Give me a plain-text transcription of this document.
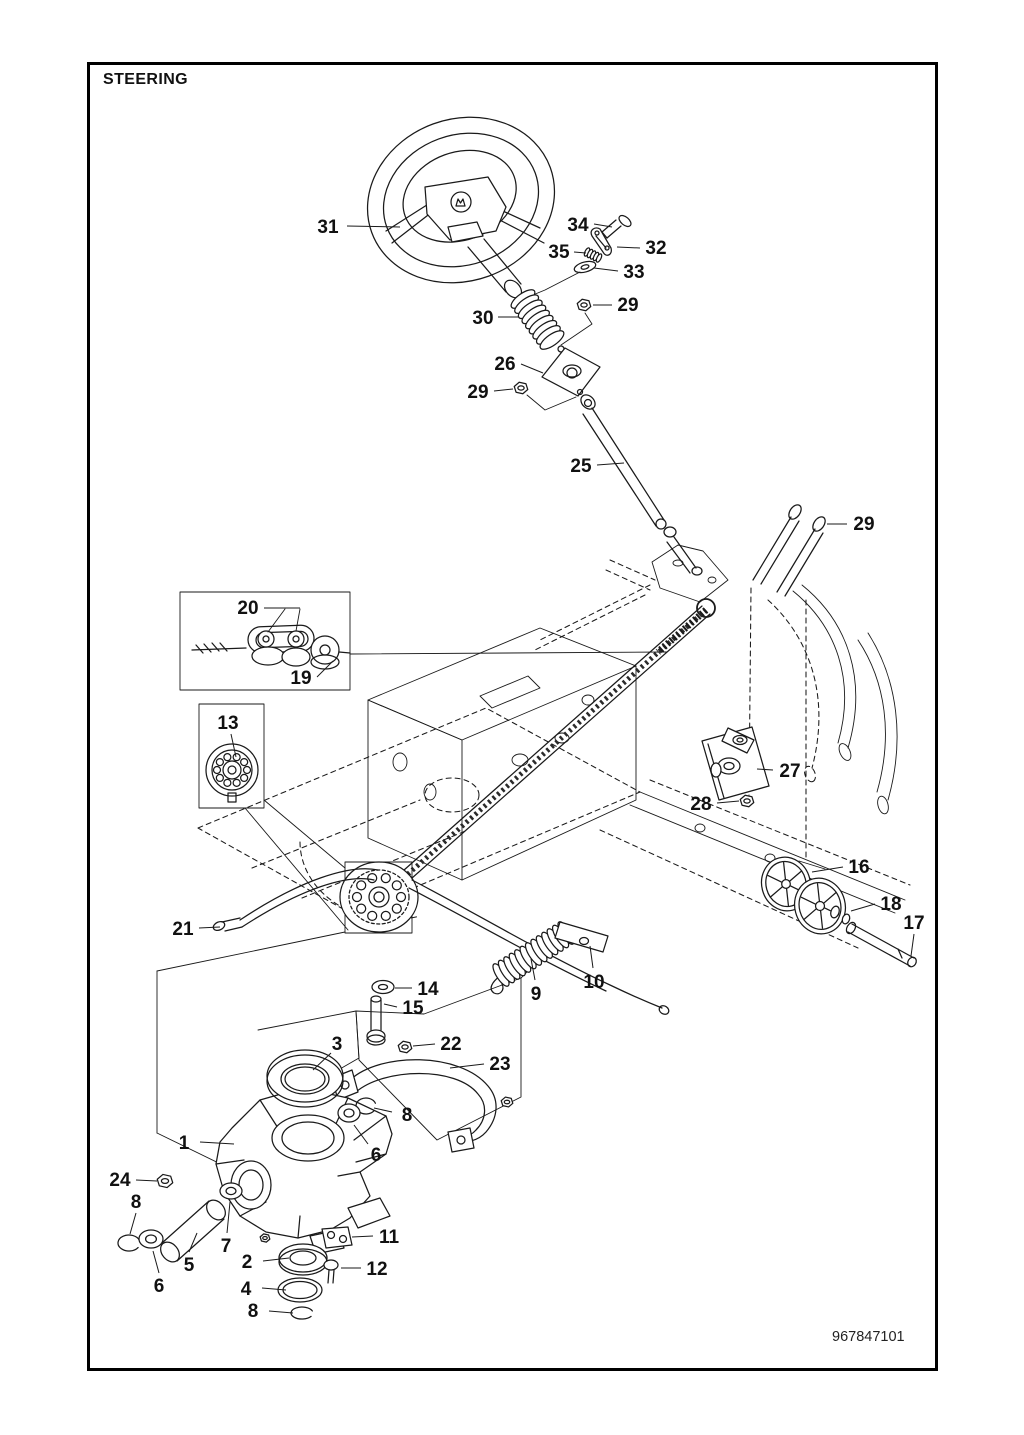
STEERING
31	34
35	32
33
29
30
26
29
25
29
20
19
13
27
28
16
18
17
21
14
15
10
9
3	22
23
8
6
1
24
8
7
5
6
2
11
12
4
8
967847101
